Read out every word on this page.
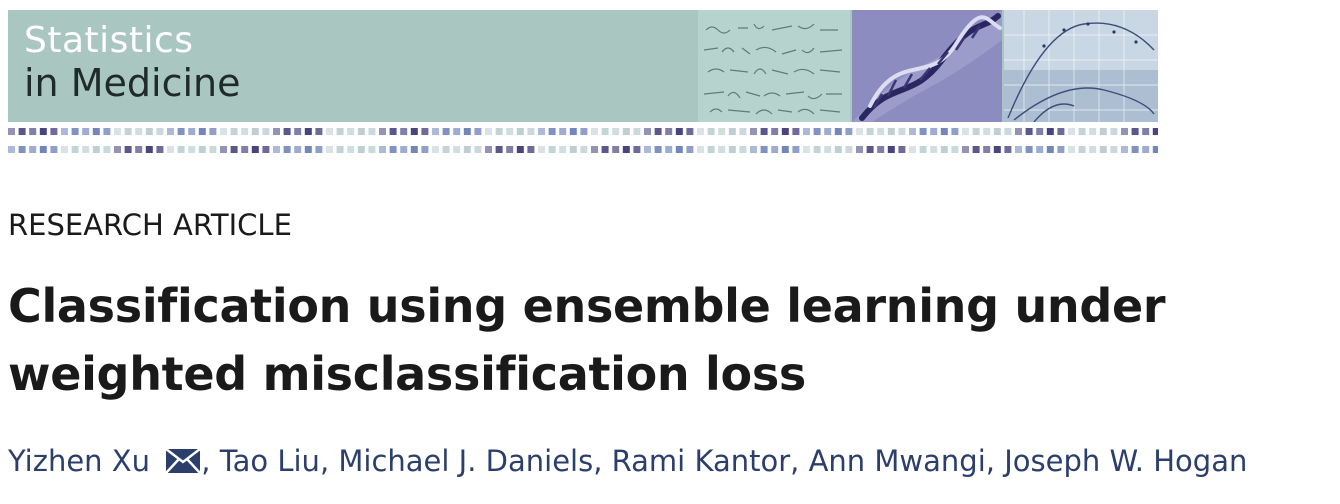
Statistics
in Medicine
RESEARCH ARTICLE
Classification using ensemble learning under weighted misclassification loss
Yizhen Xu , Tao Liu, Michael J. Daniels, Rami Kantor, Ann Mwangi, Joseph W. Hogan
